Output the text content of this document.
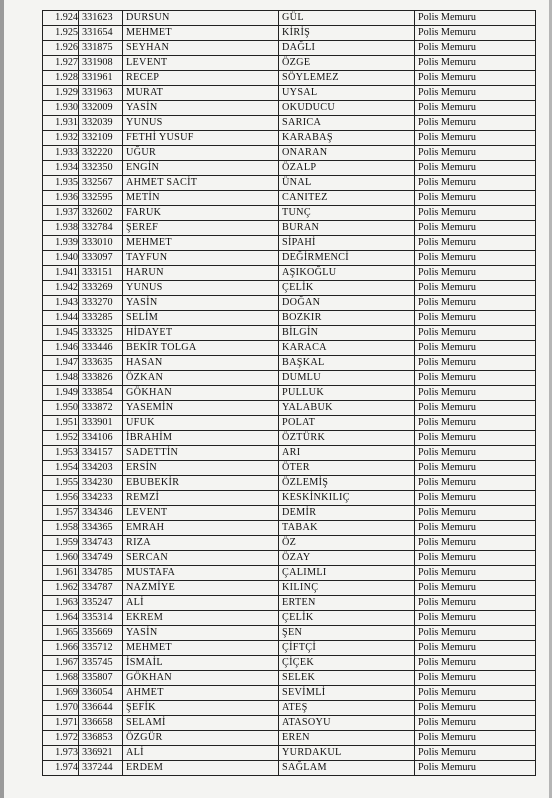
1.924	331623	DURSUN	GÜL	Polis Memuru
1.925	331654	MEHMET	KİRİŞ	Polis Memuru
1.926	331875	SEYHAN	DAĞLI	Polis Memuru
1.927	331908	LEVENT	ÖZGE	Polis Memuru
1.928	331961	RECEP	SÖYLEMEZ	Polis Memuru
1.929	331963	MURAT	UYSAL	Polis Memuru
1.930	332009	YASİN	OKUDUCU	Polis Memuru
1.931	332039	YUNUS	SARICA	Polis Memuru
1.932	332109	FETHİ YUSUF	KARABAŞ	Polis Memuru
1.933	332220	UĞUR	ONARAN	Polis Memuru
1.934	332350	ENGİN	ÖZALP	Polis Memuru
1.935	332567	AHMET SACİT	ÜNAL	Polis Memuru
1.936	332595	METİN	CANITEZ	Polis Memuru
1.937	332602	FARUK	TUNÇ	Polis Memuru
1.938	332784	ŞEREF	BURAN	Polis Memuru
1.939	333010	MEHMET	SİPAHİ	Polis Memuru
1.940	333097	TAYFUN	DEĞİRMENCİ	Polis Memuru
1.941	333151	HARUN	AŞIKOĞLU	Polis Memuru
1.942	333269	YUNUS	ÇELİK	Polis Memuru
1.943	333270	YASİN	DOĞAN	Polis Memuru
1.944	333285	SELİM	BOZKIR	Polis Memuru
1.945	333325	HİDAYET	BİLGİN	Polis Memuru
1.946	333446	BEKİR TOLGA	KARACA	Polis Memuru
1.947	333635	HASAN	BAŞKAL	Polis Memuru
1.948	333826	ÖZKAN	DUMLU	Polis Memuru
1.949	333854	GÖKHAN	PULLUK	Polis Memuru
1.950	333872	YASEMİN	YALABUK	Polis Memuru
1.951	333901	UFUK	POLAT	Polis Memuru
1.952	334106	İBRAHİM	ÖZTÜRK	Polis Memuru
1.953	334157	SADETTİN	ARI	Polis Memuru
1.954	334203	ERSİN	ÖTER	Polis Memuru
1.955	334230	EBUBEKİR	ÖZLEMİŞ	Polis Memuru
1.956	334233	REMZİ	KESKİNKILIÇ	Polis Memuru
1.957	334346	LEVENT	DEMİR	Polis Memuru
1.958	334365	EMRAH	TABAK	Polis Memuru
1.959	334743	RIZA	ÖZ	Polis Memuru
1.960	334749	SERCAN	ÖZAY	Polis Memuru
1.961	334785	MUSTAFA	ÇALIMLI	Polis Memuru
1.962	334787	NAZMİYE	KILINÇ	Polis Memuru
1.963	335247	ALİ	ERTEN	Polis Memuru
1.964	335314	EKREM	ÇELİK	Polis Memuru
1.965	335669	YASİN	ŞEN	Polis Memuru
1.966	335712	MEHMET	ÇİFTÇİ	Polis Memuru
1.967	335745	İSMAİL	ÇİÇEK	Polis Memuru
1.968	335807	GÖKHAN	SELEK	Polis Memuru
1.969	336054	AHMET	SEVİMLİ	Polis Memuru
1.970	336644	ŞEFİK	ATEŞ	Polis Memuru
1.971	336658	SELAMİ	ATASOYU	Polis Memuru
1.972	336853	ÖZGÜR	EREN	Polis Memuru
1.973	336921	ALİ	YURDAKUL	Polis Memuru
1.974	337244	ERDEM	SAĞLAM	Polis Memuru
